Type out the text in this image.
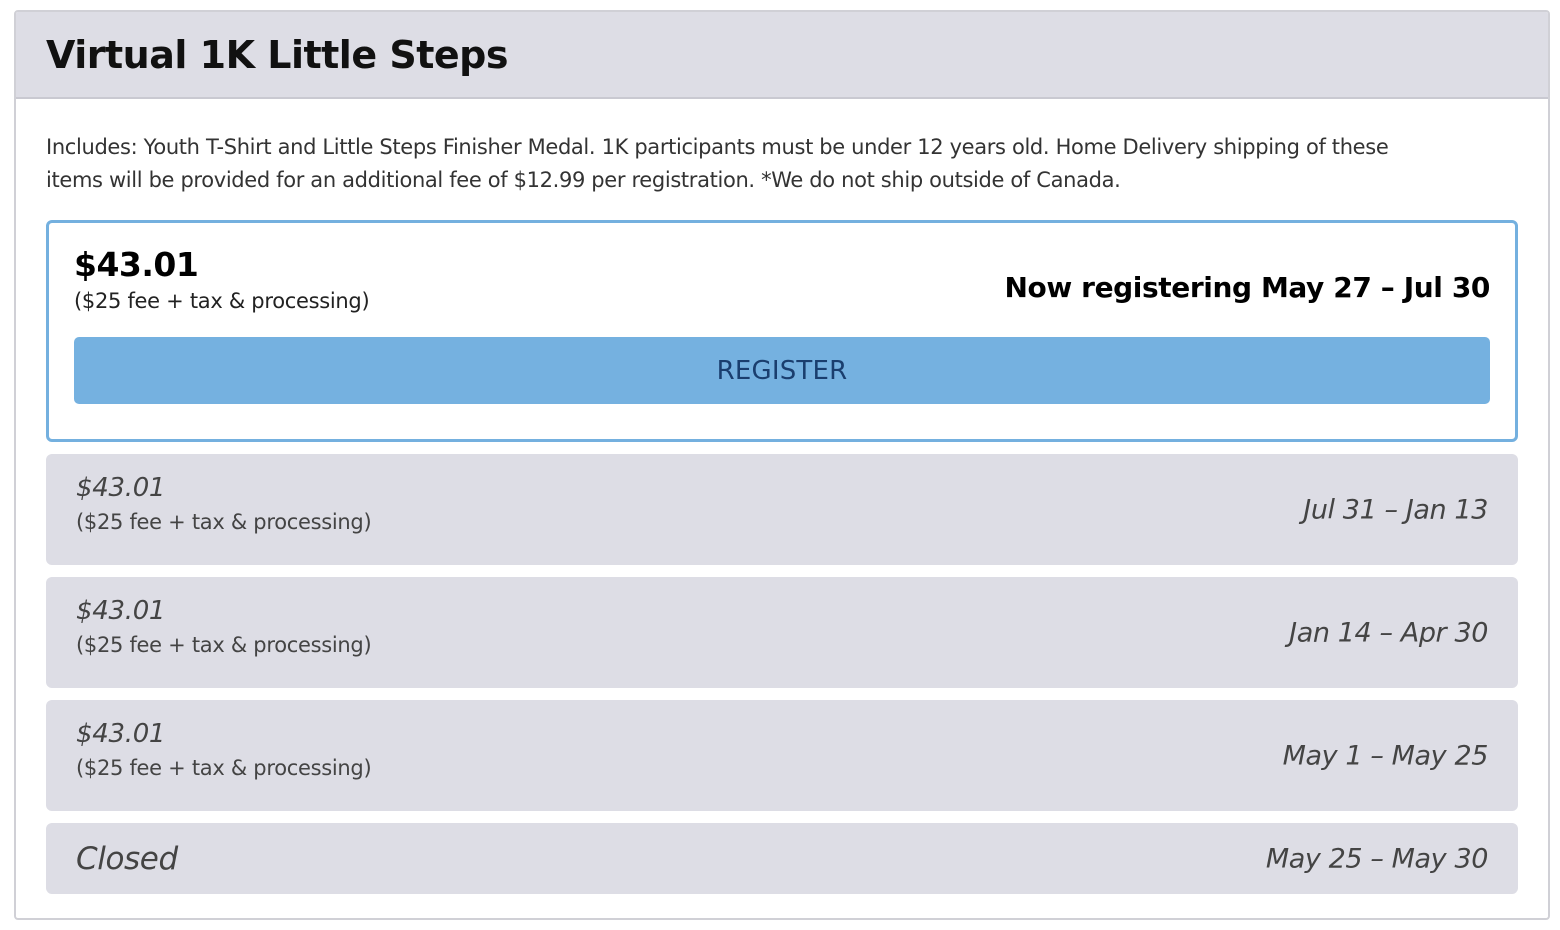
Virtual 1K Little Steps

Includes: Youth T-Shirt and Little Steps Finisher Medal. 1K participants must be under 12 years old. Home Delivery shipping of these
items will be provided for an additional fee of $12.99 per registration. *We do not ship outside of Canada.

$43.01
($25 fee + tax & processing)	Now registering May 27 – Jul 30
REGISTER
$43.01
($25 fee + tax & processing)	Jul 31 – Jan 13
$43.01
($25 fee + tax & processing)	Jan 14 – Apr 30
$43.01
($25 fee + tax & processing)	May 1 – May 25
Closed	May 25 – May 30
